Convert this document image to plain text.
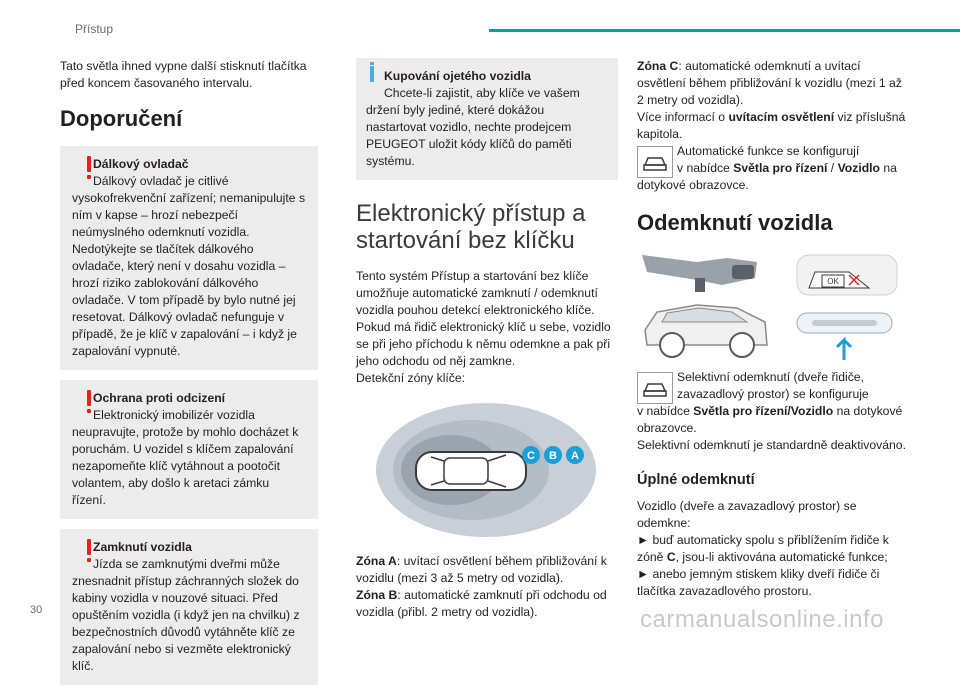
Přístup

Tato světla ihned vypne další stisknutí tlačítka před koncem časovaného intervalu.

Doporučení
Dálkový ovladač
Dálkový ovladač je citlivé
vysokofrekvenční zařízení; nemanipulujte s ním v kapse – hrozí nebezpečí neúmyslného odemknutí vozidla. Nedotýkejte se tlačítek dálkového ovladače, který není v dosahu vozidla – hrozí riziko zablokování dálkového ovladače. V tom případě by bylo nutné jej resetovat. Dálkový ovladač nefunguje v případě, že je klíč v zapalování – i když je zapalování vypnuté.
Ochrana proti odcizení
Elektronický imobilizér vozidla
neupravujte, protože by mohlo docházet k poruchám. U vozidel s klíčem zapalování nezapomeňte klíč vytáhnout a pootočit volantem, aby došlo k aretaci zámku řízení.
Zamknutí vozidla
Jízda se zamknutými dveřmi může
znesnadnit přístup záchranných složek do kabiny vozidla v nouzové situaci. Před opuštěním vozidla (i když jen na chvilku) z bezpečnostních důvodů vytáhněte klíč ze zapalování nebo si vezměte elektronický klíč.
Kupování ojetého vozidla
Chcete-li zajistit, aby klíče ve vašem
držení byly jediné, které dokážou nastartovat vozidlo, nechte prodejcem PEUGEOT uložit kódy klíčů do paměti systému.
Elektronický přístup a startování bez klíčku

Tento systém Přístup a startování bez klíče umožňuje automatické zamknutí / odemknutí vozidla pouhou detekcí elektronického klíče. Pokud má řidič elektronický klíč u sebe, vozidlo se při jeho příchodu k němu odemkne a pak při jeho odchodu od něj zamkne.

Detekční zóny klíče:

C B A

Zóna A: uvítací osvětlení během přibližování k vozidlu (mezi 3 až 5 metry od vozidla).

Zóna B: automatické zamknutí při odchodu od vozidla (přibl. 2 metry od vozidla).

Zóna C: automatické odemknutí a uvítací osvětlení během přibližování k vozidlu (mezi 1 až 2 metry od vozidla).

Více informací o uvítacím osvětlení viz příslušná kapitola.

Automatické funkce se konfigurují

v nabídce Světla pro řízení / Vozidlo na

dotykové obrazovce.

Odemknutí vozidla
OK

Selektivní odemknutí (dveře řidiče,

zavazadlový prostor) se konfiguruje

v nabídce Světla pro řízení/Vozidlo na dotykové obrazovce.

Selektivní odemknutí je standardně deaktivováno.

Úplné odemknutí

Vozidlo (dveře a zavazadlový prostor) se odemkne:

► buď automaticky spolu s přiblížením řidiče k zóně C, jsou-li aktivována automatické funkce;

► anebo jemným stiskem kliky dveří řidiče či tlačítka zavazadlového prostoru.

30	carmanualsonline.info
